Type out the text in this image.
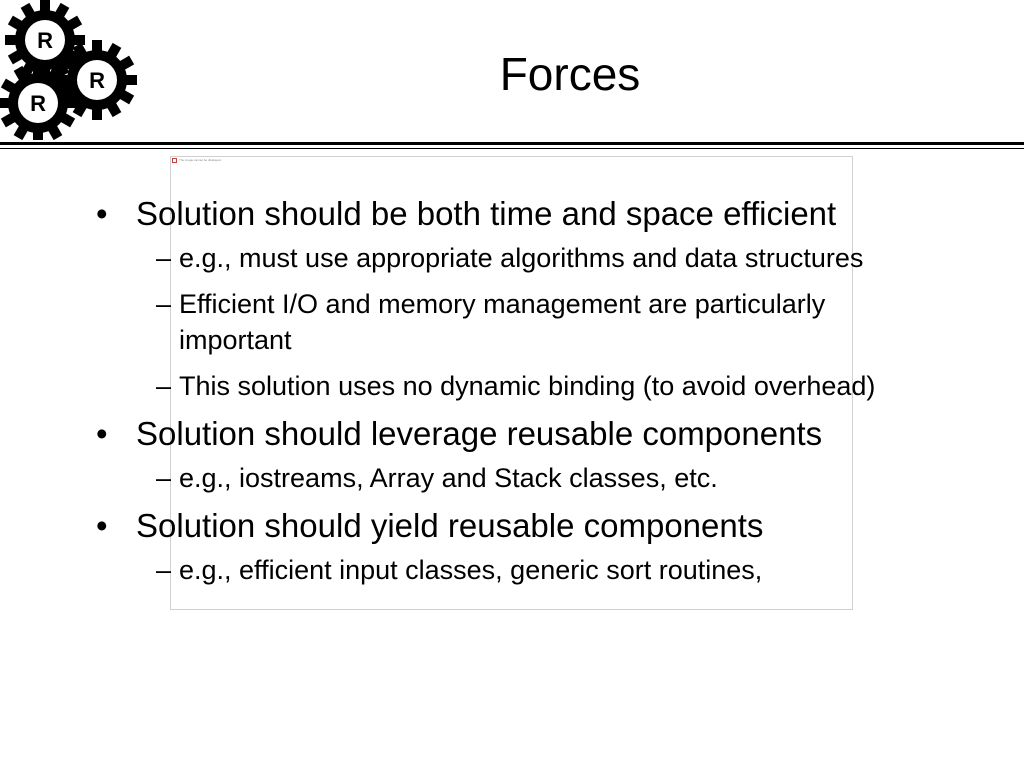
R
R
R
Forces
The image cannot be displayed.
• Solution should be both time and space efficient
– e.g., must use appropriate algorithms and data structures
– Efficient I/O and memory management are particularly important
– This solution uses no dynamic binding (to avoid overhead)
• Solution should leverage reusable components
– e.g., iostreams, Array and Stack classes, etc.
• Solution should yield reusable components
– e.g., efficient input classes, generic sort routines,
